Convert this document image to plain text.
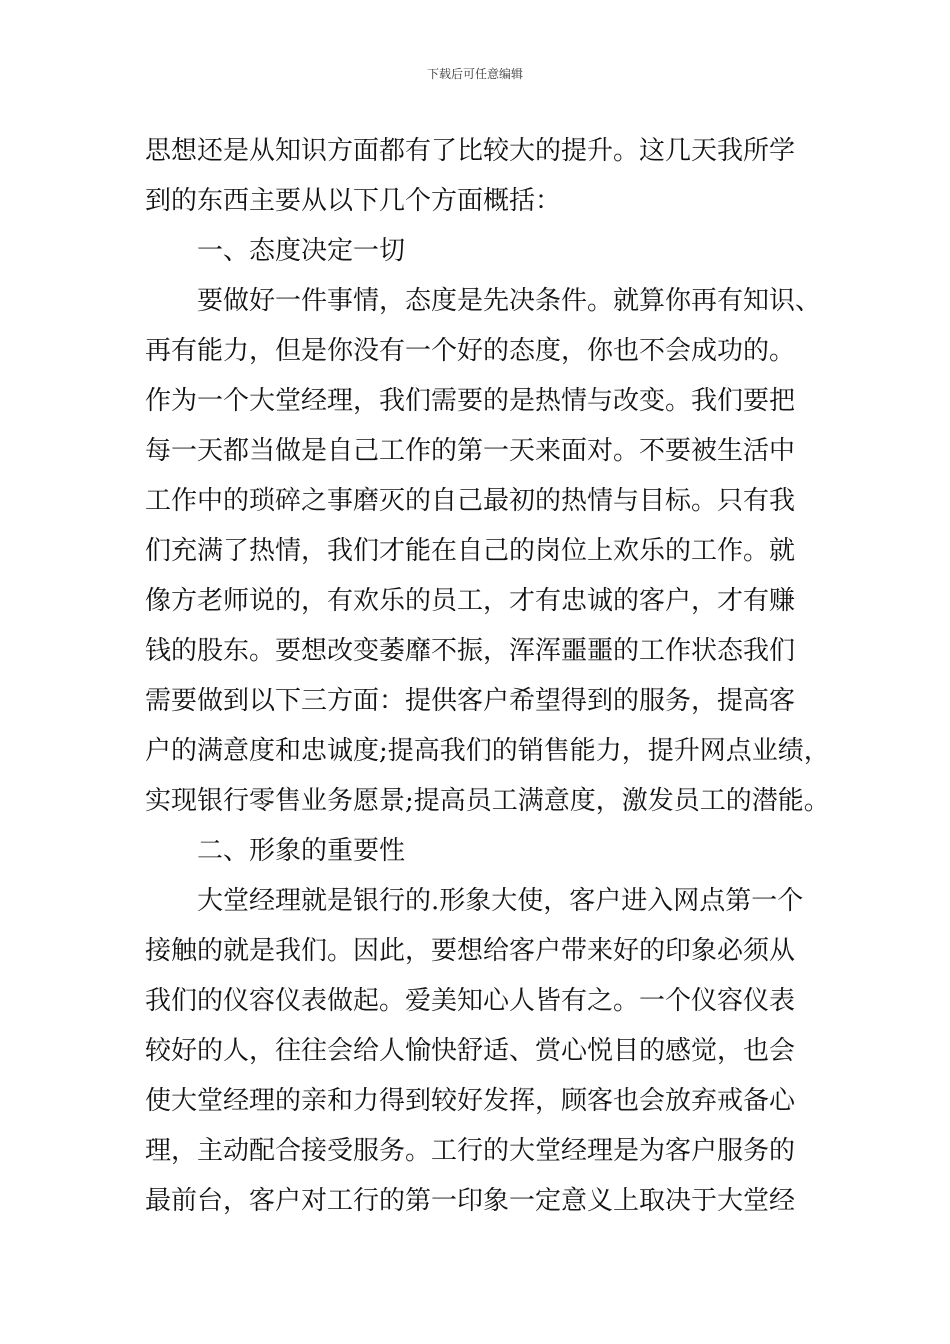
下载后可任意编辑
思想还是从知识方面都有了比较大的提升。这几天我所学
到的东西主要从以下几个方面概括：
一、态度决定一切
要做好一件事情，态度是先决条件。就算你再有知识、
再有能力，但是你没有一个好的态度，你也不会成功的。
作为一个大堂经理，我们需要的是热情与改变。我们要把
每一天都当做是自己工作的第一天来面对。不要被生活中
工作中的琐碎之事磨灭的自己最初的热情与目标。只有我
们充满了热情，我们才能在自己的岗位上欢乐的工作。就
像方老师说的，有欢乐的员工，才有忠诚的客户，才有赚
钱的股东。要想改变萎靡不振，浑浑噩噩的工作状态我们
需要做到以下三方面：提供客户希望得到的服务，提高客
户的满意度和忠诚度;提高我们的销售能力，提升网点业绩，
实现银行零售业务愿景;提高员工满意度，激发员工的潜能。
二、形象的重要性
大堂经理就是银行的.形象大使，客户进入网点第一个
接触的就是我们。因此，要想给客户带来好的印象必须从
我们的仪容仪表做起。爱美知心人皆有之。一个仪容仪表
较好的人，往往会给人愉快舒适、赏心悦目的感觉，也会
使大堂经理的亲和力得到较好发挥，顾客也会放弃戒备心
理，主动配合接受服务。工行的大堂经理是为客户服务的
最前台，客户对工行的第一印象一定意义上取决于大堂经
